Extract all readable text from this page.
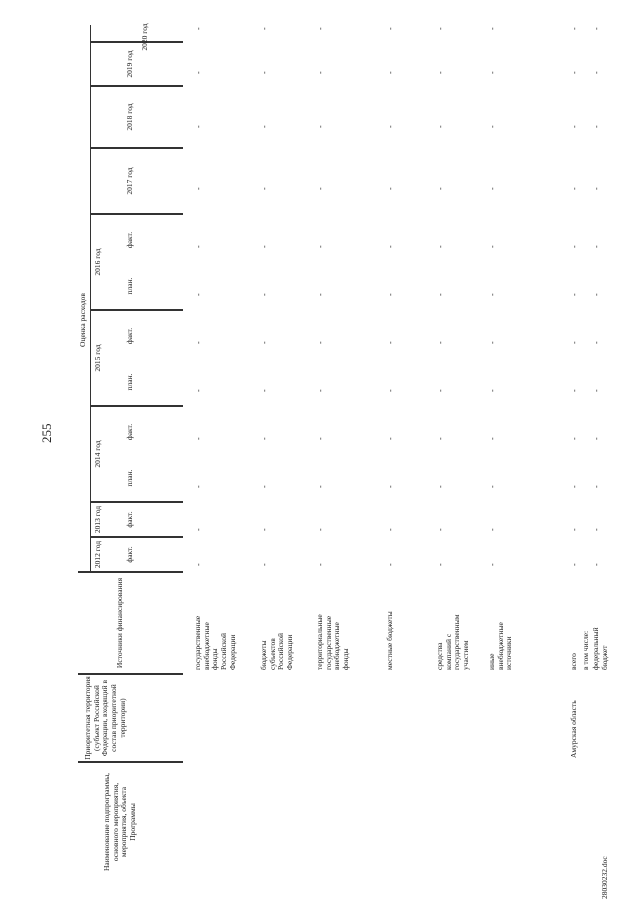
255
28030232.doc
Наименование подпрограммы, основного мероприятия, мероприятия, объекта Программы
Приоритетная территория (субъект Российской Федерации, входящий в состав приоритетной территории)
Источники финансирования
Оценка расходов
2012 год	факт.
2013 год	факт.
2014 год
план.
факт.
2015 год
план.
факт.
2016 год
план.
факт.
2017 год
2018 год
2019 год
2020 год
государственные внебюджетные фонды Российской Федерации
-
-
-
-
-
-
-
-
-
-
-
-
бюджеты субъектов Российской Федерации
-
-
-
-
-
-
-
-
-
-
-
-
территориальные государственные внебюджетные фонды
-
-
-
-
-
-
-
-
-
-
-
-
местные бюджеты
-
-
-
-
-
-
-
-
-
-
-
-
средства компаний с государственным участием
-
-
-
-
-
-
-
-
-
-
-
-
иные внебюджетные источники
-
-
-
-
-
-
-
-
-
-
-
-
Амурская область
всего
-
-
-
-
-
-
-
-
-
-
-
-
в том числе: федеральный бюджет
-
-
-
-
-
-
-
-
-
-
-
-
